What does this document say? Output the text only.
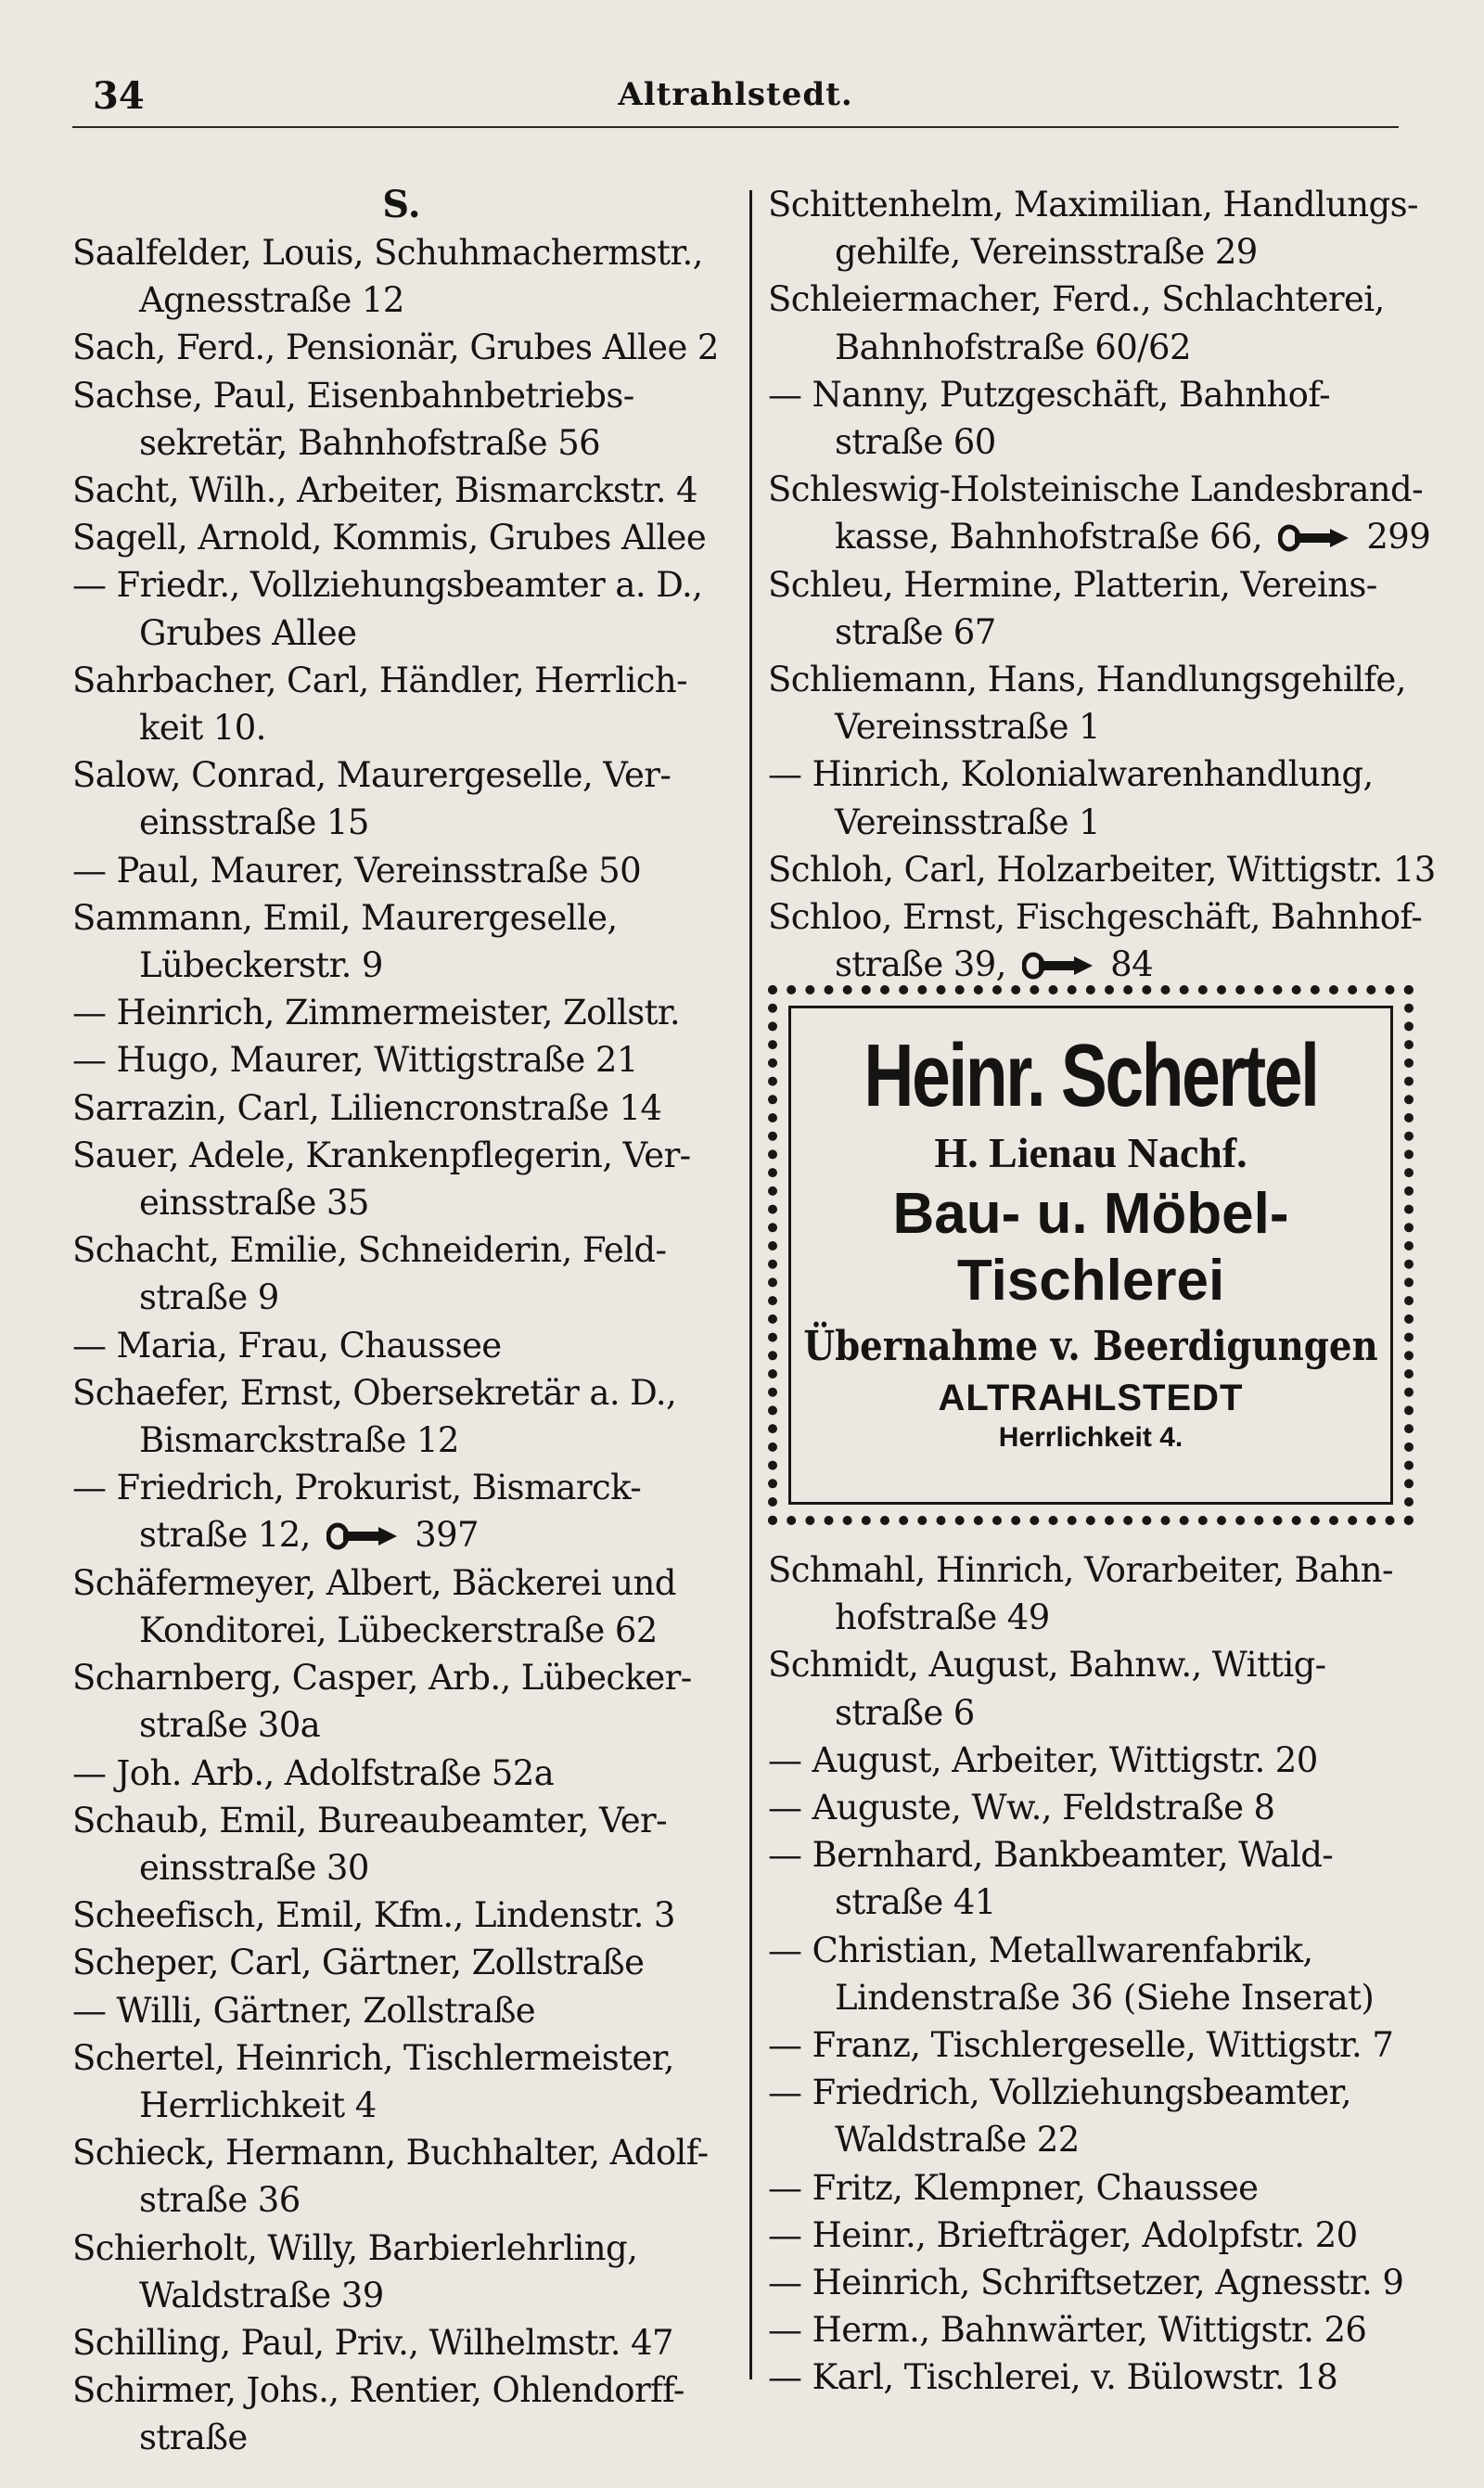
34	Altrahlstedt.

S.

Saalfelder, Louis, Schuhmachermstr.,
Agnesstraße 12

Sach, Ferd., Pensionär, Grubes Allee 2

Sachse, Paul, Eisenbahnbetriebs-
sekretär, Bahnhofstraße 56

Sacht, Wilh., Arbeiter, Bismarckstr. 4

Sagell, Arnold, Kommis, Grubes Allee

— Friedr., Vollziehungsbeamter a. D.,
Grubes Allee

Sahrbacher, Carl, Händler, Herrlich-
keit 10.

Salow, Conrad, Maurergeselle, Ver-
einsstraße 15

— Paul, Maurer, Vereinsstraße 50

Sammann, Emil, Maurergeselle,
Lübeckerstr. 9

— Heinrich, Zimmermeister, Zollstr.

— Hugo, Maurer, Wittigstraße 21

Sarrazin, Carl, Liliencronstraße 14

Sauer, Adele, Krankenpflegerin, Ver-
einsstraße 35

Schacht, Emilie, Schneiderin, Feld-
straße 9

— Maria, Frau, Chaussee

Schaefer, Ernst, Obersekretär a. D.,
Bismarckstraße 12

— Friedrich, Prokurist, Bismarck-
straße 12,  397

Schäfermeyer, Albert, Bäckerei und
Konditorei, Lübeckerstraße 62

Scharnberg, Casper, Arb., Lübecker-
straße 30a

— Joh. Arb., Adolfstraße 52a

Schaub, Emil, Bureaubeamter, Ver-
einsstraße 30

Scheefisch, Emil, Kfm., Lindenstr. 3

Scheper, Carl, Gärtner, Zollstraße

— Willi, Gärtner, Zollstraße

Schertel, Heinrich, Tischlermeister,
Herrlichkeit 4

Schieck, Hermann, Buchhalter, Adolf-
straße 36

Schierholt, Willy, Barbierlehrling,
Waldstraße 39

Schilling, Paul, Priv., Wilhelmstr. 47

Schirmer, Johs., Rentier, Ohlendorff-
straße

Schittenhelm, Maximilian, Handlungs-
gehilfe, Vereinsstraße 29

Schleiermacher, Ferd., Schlachterei,
Bahnhofstraße 60/62

— Nanny, Putzgeschäft, Bahnhof-
straße 60

Schleswig-Holsteinische Landesbrand-
kasse, Bahnhofstraße 66,  299

Schleu, Hermine, Platterin, Vereins-
straße 67

Schliemann, Hans, Handlungsgehilfe,
Vereinsstraße 1

— Hinrich, Kolonialwarenhandlung,
Vereinsstraße 1

Schloh, Carl, Holzarbeiter, Wittigstr. 13

Schloo, Ernst, Fischgeschäft, Bahnhof-
straße 39,  84

Heinr. Schertel
H. Lienau Nachf.
Bau- u. Möbel-
Tischlerei
Übernahme v. Beerdigungen
ALTRAHLSTEDT
Herrlichkeit 4.

Schmahl, Hinrich, Vorarbeiter, Bahn-
hofstraße 49

Schmidt, August, Bahnw., Wittig-
straße 6

— August, Arbeiter, Wittigstr. 20

— Auguste, Ww., Feldstraße 8

— Bernhard, Bankbeamter, Wald-
straße 41

— Christian, Metallwarenfabrik,
Lindenstraße 36 (Siehe Inserat)

— Franz, Tischlergeselle, Wittigstr. 7

— Friedrich, Vollziehungsbeamter,
Waldstraße 22

— Fritz, Klempner, Chaussee

— Heinr., Briefträger, Adolpfstr. 20

— Heinrich, Schriftsetzer, Agnesstr. 9

— Herm., Bahnwärter, Wittigstr. 26

— Karl, Tischlerei, v. Bülowstr. 18
